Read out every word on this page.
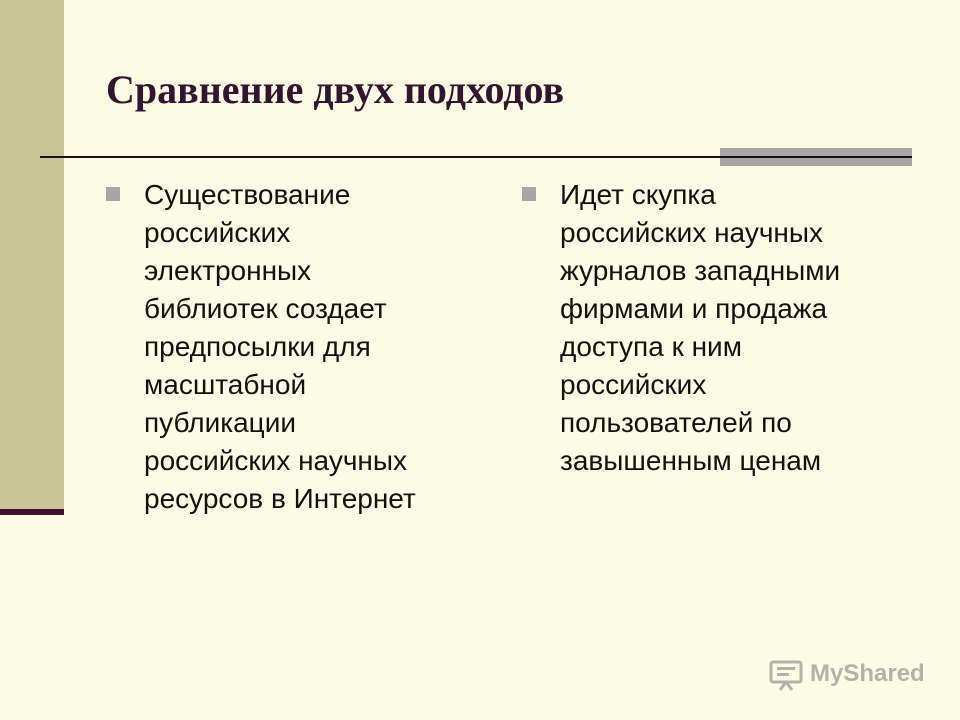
Сравнение двух подходов
Существование
российских
электронных
библиотек создает
предпосылки для
масштабной
публикации
российских научных
ресурсов в Интернет
Идет скупка
российских научных
журналов западными
фирмами и продажа
доступа к ним
российских
пользователей по
завышенным ценам
MyShared
